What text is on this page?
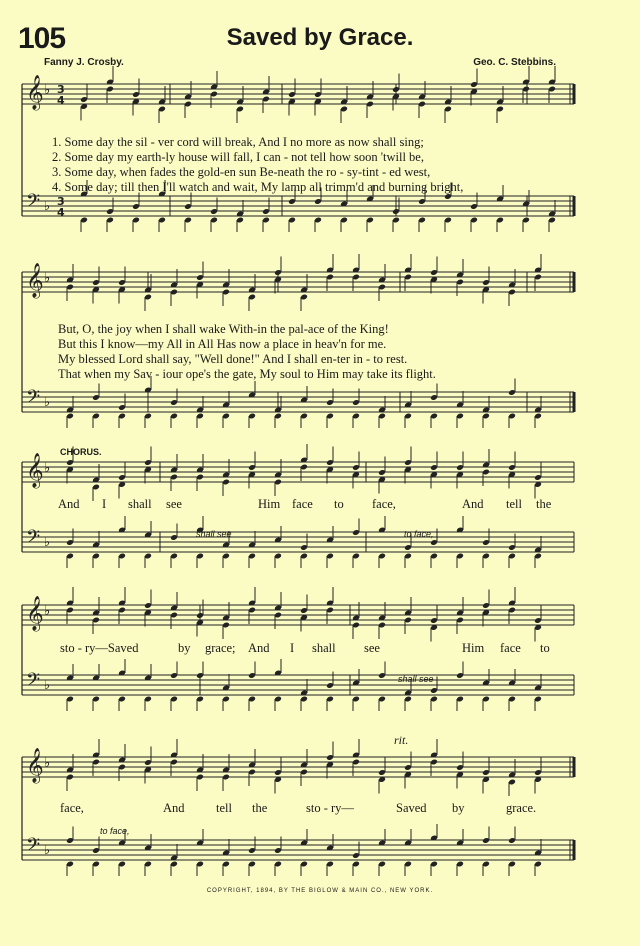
105	Saved by Grace.
Fanny J. Crosby.	Geo. C. Stebbins.
𝄞 ♭ 3
4
𝄢 ♭ 3
4
𝄞 ♭
𝄢 ♭
𝄞 ♭
𝄢 ♭
𝄞 ♭
𝄢 ♭
𝄞 ♭
𝄢 ♭
1. Some day the sil - ver cord will break, And I no more as now shall sing;
2. Some day my earth-ly house will fall, I can - not tell how soon 'twill be,
3. Some day, when fades the gold-en sun Be-neath the ro - sy-tint - ed west,
4. Some day; till then I'll watch and wait, My lamp all trimm'd and burning bright,
But, O, the joy when I shall wake With-in the pal-ace of the King!
But this I know—my All in All Has now a place in heav'n for me.
My blessed Lord shall say, "Well done!" And I shall en-ter in - to rest.
That when my Sav - iour ope's the gate, My soul to Him may take its flight.
CHORUS.
And I shall see	Him face to face,	And tell the
shall see	to face,
sto - ry—Saved	by grace; And I shall see	Him face to
shall see
face,	And	tell the	sto - ry—	Saved by	grace.
to face,
rit.
COPYRIGHT, 1894, BY THE BIGLOW & MAIN CO., NEW YORK.
